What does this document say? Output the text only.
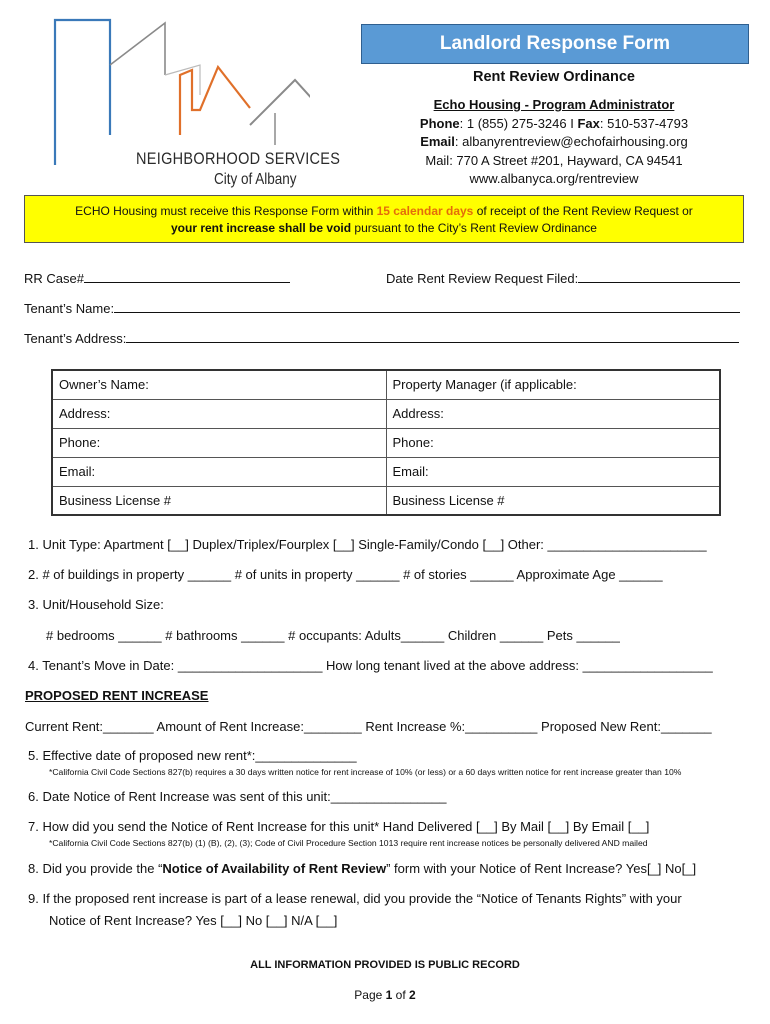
NEIGHBORHOOD SERVICES
City of Albany
Landlord Response Form
Rent Review Ordinance
Echo Housing - Program Administrator
Phone: 1 (855) 275-3246 I Fax: 510-537-4793
Email: albanyrentreview@echofairhousing.org
Mail: 770 A Street #201, Hayward, CA 94541
www.albanyca.org/rentreview
ECHO Housing must receive this Response Form within 15 calendar days of receipt of the Rent Review Request or
your rent increase shall be void pursuant to the City’s Rent Review Ordinance
RR Case#	Date Rent Review Request Filed:
Tenant’s Name:
Tenant’s Address:
Owner’s Name:	Property Manager (if applicable:
Address:	Address:
Phone:	Phone:
Email:	Email:
Business License #	Business License #
1. Unit Type: Apartment [__] Duplex/Triplex/Fourplex [__] Single-Family/Condo [__] Other: ______________________
2. # of buildings in property ______ # of units in property ______ # of stories ______ Approximate Age ______
3. Unit/Household Size:
# bedrooms ______ # bathrooms ______ # occupants: Adults______ Children ______ Pets ______
4. Tenant’s Move in Date: ____________________ How long tenant lived at the above address: __________________
PROPOSED RENT INCREASE
Current Rent:_______ Amount of Rent Increase:________ Rent Increase %:__________ Proposed New Rent:_______
5. Effective date of proposed new rent*:______________
*California Civil Code Sections 827(b) requires a 30 days written notice for rent increase of 10% (or less) or a 60 days written notice for rent increase greater than 10%
6. Date Notice of Rent Increase was sent of this unit:________________
7. How did you send the Notice of Rent Increase for this unit* Hand Delivered [__] By Mail [__] By Email [__]
*California Civil Code Sections 827(b) (1) (B), (2), (3); Code of Civil Procedure Section 1013 require rent increase notices be personally delivered AND mailed
8. Did you provide the “Notice of Availability of Rent Review” form with your Notice of Rent Increase? Yes[_] No[_]
9. If the proposed rent increase is part of a lease renewal, did you provide the “Notice of Tenants Rights” with your
Notice of Rent Increase? Yes [__] No [__] N/A [__]
ALL INFORMATION PROVIDED IS PUBLIC RECORD
Page 1 of 2
